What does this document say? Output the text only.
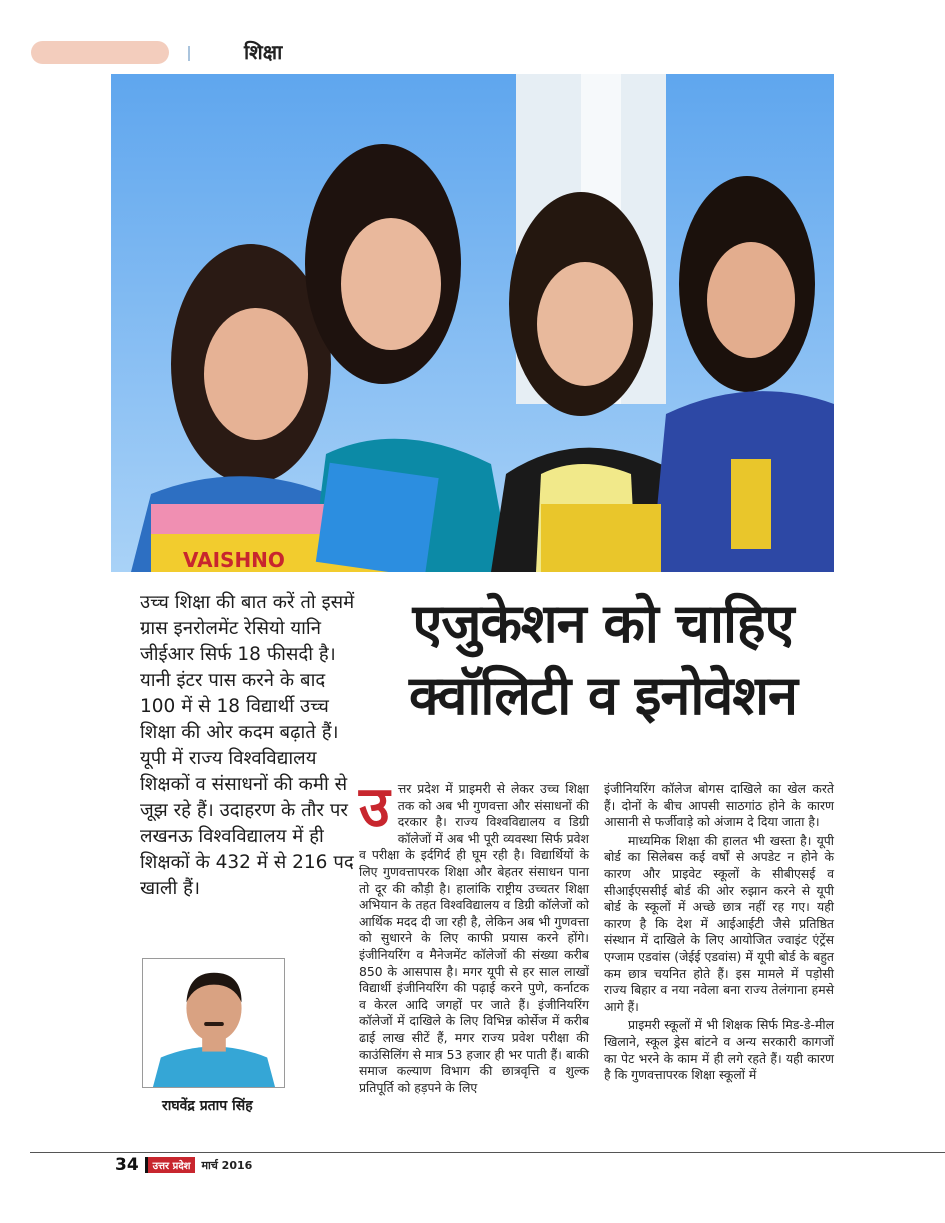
शिक्षा
VAISHNO
उच्च शिक्षा की बात करें तो इसमें ग्रास इनरोलमेंट रेसियो यानि जीईआर सिर्फ 18 फीसदी है। यानी इंटर पास करने के बाद 100 में से 18 विद्यार्थी उच्च शिक्षा की ओर कदम बढ़ाते हैं। यूपी में राज्य विश्वविद्यालय शिक्षकों व संसाधनों की कमी से जूझ रहे हैं। उदाहरण के तौर पर लखनऊ विश्वविद्यालय में ही शिक्षकों के 432 में से 216 पद खाली हैं।
एजुकेशन को चाहिए
क्वॉलिटी व इनोवेशन
राघवेंद्र प्रताप सिंह
उ त्तर प्रदेश में प्राइमरी से लेकर उच्च शिक्षा तक को अब भी गुणवत्ता और संसाधनों की दरकार है। राज्य विश्वविद्यालय व डिग्री कॉलेजों में अब भी पूरी व्यवस्था सिर्फ प्रवेश व परीक्षा के इर्दगिर्द ही घूम रही है। विद्यार्थियों के लिए गुणवत्तापरक शिक्षा और बेहतर संसाधन पाना तो दूर की कौड़ी है। हालांकि राष्ट्रीय उच्चतर शिक्षा अभियान के तहत विश्वविद्यालय व डिग्री कॉलेजों को आर्थिक मदद दी जा रही है, लेकिन अब भी गुणवत्ता को सुधारने के लिए काफी प्रयास करने होंगे। इंजीनियरिंग व मैनेजमेंट कॉलेजों की संख्या करीब 850 के आसपास है। मगर यूपी से हर साल लाखों विद्यार्थी इंजीनियरिंग की पढ़ाई करने पुणे, कर्नाटक व केरल आदि जगहों पर जाते हैं। इंजीनियरिंग कॉलेजों में दाखिले के लिए विभिन्न कोर्सेज में करीब ढाई लाख सीटें हैं, मगर राज्य प्रवेश परीक्षा की काउंसिलिंग से मात्र 53 हजार ही भर पाती हैं। बाकी समाज कल्याण विभाग की छात्रवृत्ति व शुल्क प्रतिपूर्ति को हड़पने के लिए

इंजीनियरिंग कॉलेज बोगस दाखिले का खेल करते हैं। दोनों के बीच आपसी साठगांठ होने के कारण आसानी से फर्जीवाड़े को अंजाम दे दिया जाता है।

माध्यमिक शिक्षा की हालत भी खस्ता है। यूपी बोर्ड का सिलेबस कई वर्षों से अपडेट न होने के कारण और प्राइवेट स्कूलों के सीबीएसई व सीआईएससीई बोर्ड की ओर रुझान करने से यूपी बोर्ड के स्कूलों में अच्छे छात्र नहीं रह गए। यही कारण है कि देश में आईआईटी जैसे प्रतिष्ठित संस्थान में दाखिले के लिए आयोजित ज्वाइंट एंट्रेंस एग्जाम एडवांस (जेईई एडवांस) में यूपी बोर्ड के बहुत कम छात्र चयनित होते हैं। इस मामले में पड़ोसी राज्य बिहार व नया नवेला बना राज्य तेलंगाना हमसे आगे हैं।

प्राइमरी स्कूलों में भी शिक्षक सिर्फ मिड-डे-मील खिलाने, स्कूल ड्रेस बांटने व अन्य सरकारी कागजों का पेट भरने के काम में ही लगे रहते हैं। यही कारण है कि गुणवत्तापरक शिक्षा स्कूलों में

34	उत्तर प्रदेश	मार्च 2016
